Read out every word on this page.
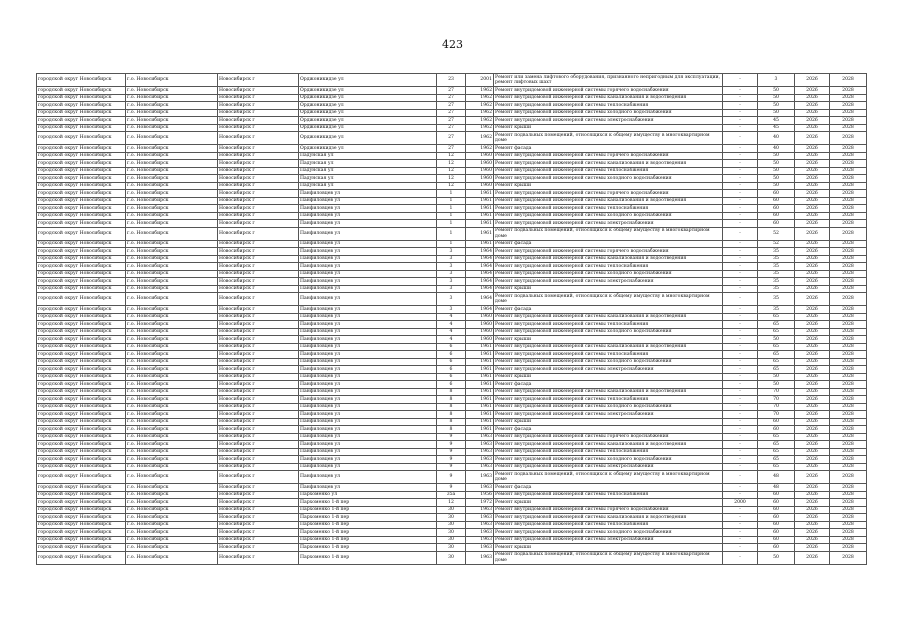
423
городской округ Новосибирск	г.о. Новосибирск	Новосибирск г	Орджоникидзе ул	23	2001	Ремонт или замена лифтового оборудования, признанного непригодным для эксплуатации, ремонт лифтовых шахт	-	3	2026	2028
городской округ Новосибирск	г.о. Новосибирск	Новосибирск г	Орджоникидзе ул	27	1962	Ремонт внутридомовой инженерной системы горячего водоснабжения	-	50	2026	2028
городской округ Новосибирск	г.о. Новосибирск	Новосибирск г	Орджоникидзе ул	27	1962	Ремонт внутридомовой инженерной системы канализования и водоотведения	-	50	2026	2028
городской округ Новосибирск	г.о. Новосибирск	Новосибирск г	Орджоникидзе ул	27	1962	Ремонт внутридомовой инженерной системы теплоснабжения	-	50	2026	2028
городской округ Новосибирск	г.о. Новосибирск	Новосибирск г	Орджоникидзе ул	27	1962	Ремонт внутридомовой инженерной системы холодного водоснабжения	-	50	2026	2028
городской округ Новосибирск	г.о. Новосибирск	Новосибирск г	Орджоникидзе ул	27	1962	Ремонт внутридомовой инженерной системы электроснабжения	-	45	2026	2028
городской округ Новосибирск	г.о. Новосибирск	Новосибирск г	Орджоникидзе ул	27	1962	Ремонт крыши	-	45	2026	2028
городской округ Новосибирск	г.о. Новосибирск	Новосибирск г	Орджоникидзе ул	27	1962	Ремонт подвальных помещений, относящихся к общему имуществу в многоквартирном доме	-	40	2026	2028
городской округ Новосибирск	г.о. Новосибирск	Новосибирск г	Орджоникидзе ул	27	1962	Ремонт фасада	-	40	2026	2028
городской округ Новосибирск	г.о. Новосибирск	Новосибирск г	Падунская ул	12	1960	Ремонт внутридомовой инженерной системы горячего водоснабжения	-	50	2026	2028
городской округ Новосибирск	г.о. Новосибирск	Новосибирск г	Падунская ул	12	1960	Ремонт внутридомовой инженерной системы канализования и водоотведения	-	50	2026	2028
городской округ Новосибирск	г.о. Новосибирск	Новосибирск г	Падунская ул	12	1960	Ремонт внутридомовой инженерной системы теплоснабжения	-	50	2026	2028
городской округ Новосибирск	г.о. Новосибирск	Новосибирск г	Падунская ул	12	1960	Ремонт внутридомовой инженерной системы холодного водоснабжения	-	50	2026	2028
городской округ Новосибирск	г.о. Новосибирск	Новосибирск г	Падунская ул	12	1960	Ремонт крыши	-	50	2026	2028
городской округ Новосибирск	г.о. Новосибирск	Новосибирск г	Панфиловцев ул	1	1961	Ремонт внутридомовой инженерной системы горячего водоснабжения	-	60	2026	2028
городской округ Новосибирск	г.о. Новосибирск	Новосибирск г	Панфиловцев ул	1	1961	Ремонт внутридомовой инженерной системы канализования и водоотведения	-	60	2026	2028
городской округ Новосибирск	г.о. Новосибирск	Новосибирск г	Панфиловцев ул	1	1961	Ремонт внутридомовой инженерной системы теплоснабжения	-	60	2026	2028
городской округ Новосибирск	г.о. Новосибирск	Новосибирск г	Панфиловцев ул	1	1961	Ремонт внутридомовой инженерной системы холодного водоснабжения	-	60	2026	2028
городской округ Новосибирск	г.о. Новосибирск	Новосибирск г	Панфиловцев ул	1	1961	Ремонт внутридомовой инженерной системы электроснабжения	-	60	2026	2028
городской округ Новосибирск	г.о. Новосибирск	Новосибирск г	Панфиловцев ул	1	1961	Ремонт подвальных помещений, относящихся к общему имуществу в многоквартирном доме	-	52	2026	2028
городской округ Новосибирск	г.о. Новосибирск	Новосибирск г	Панфиловцев ул	1	1961	Ремонт фасада	-	52	2026	2028
городской округ Новосибирск	г.о. Новосибирск	Новосибирск г	Панфиловцев ул	3	1964	Ремонт внутридомовой инженерной системы горячего водоснабжения	-	35	2026	2028
городской округ Новосибирск	г.о. Новосибирск	Новосибирск г	Панфиловцев ул	3	1964	Ремонт внутридомовой инженерной системы канализования и водоотведения	-	35	2026	2028
городской округ Новосибирск	г.о. Новосибирск	Новосибирск г	Панфиловцев ул	3	1964	Ремонт внутридомовой инженерной системы теплоснабжения	-	35	2026	2028
городской округ Новосибирск	г.о. Новосибирск	Новосибирск г	Панфиловцев ул	3	1964	Ремонт внутридомовой инженерной системы холодного водоснабжения	-	35	2026	2028
городской округ Новосибирск	г.о. Новосибирск	Новосибирск г	Панфиловцев ул	3	1964	Ремонт внутридомовой инженерной системы электроснабжения	-	35	2026	2028
городской округ Новосибирск	г.о. Новосибирск	Новосибирск г	Панфиловцев ул	3	1964	Ремонт крыши	-	35	2026	2028
городской округ Новосибирск	г.о. Новосибирск	Новосибирск г	Панфиловцев ул	3	1964	Ремонт подвальных помещений, относящихся к общему имуществу в многоквартирном доме	-	35	2026	2028
городской округ Новосибирск	г.о. Новосибирск	Новосибирск г	Панфиловцев ул	3	1964	Ремонт фасада	-	35	2026	2028
городской округ Новосибирск	г.о. Новосибирск	Новосибирск г	Панфиловцев ул	4	1960	Ремонт внутридомовой инженерной системы канализования и водоотведения	-	65	2026	2028
городской округ Новосибирск	г.о. Новосибирск	Новосибирск г	Панфиловцев ул	4	1960	Ремонт внутридомовой инженерной системы теплоснабжения	-	65	2026	2028
городской округ Новосибирск	г.о. Новосибирск	Новосибирск г	Панфиловцев ул	4	1960	Ремонт внутридомовой инженерной системы холодного водоснабжения	-	65	2026	2028
городской округ Новосибирск	г.о. Новосибирск	Новосибирск г	Панфиловцев ул	4	1960	Ремонт крыши	-	50	2026	2028
городской округ Новосибирск	г.о. Новосибирск	Новосибирск г	Панфиловцев ул	6	1961	Ремонт внутридомовой инженерной системы канализования и водоотведения	-	65	2026	2028
городской округ Новосибирск	г.о. Новосибирск	Новосибирск г	Панфиловцев ул	6	1961	Ремонт внутридомовой инженерной системы теплоснабжения	-	65	2026	2028
городской округ Новосибирск	г.о. Новосибирск	Новосибирск г	Панфиловцев ул	6	1961	Ремонт внутридомовой инженерной системы холодного водоснабжения	-	65	2026	2028
городской округ Новосибирск	г.о. Новосибирск	Новосибирск г	Панфиловцев ул	6	1961	Ремонт внутридомовой инженерной системы электроснабжения	-	65	2026	2028
городской округ Новосибирск	г.о. Новосибирск	Новосибирск г	Панфиловцев ул	6	1961	Ремонт крыши	-	50	2026	2028
городской округ Новосибирск	г.о. Новосибирск	Новосибирск г	Панфиловцев ул	6	1961	Ремонт фасада	-	50	2026	2028
городской округ Новосибирск	г.о. Новосибирск	Новосибирск г	Панфиловцев ул	8	1961	Ремонт внутридомовой инженерной системы канализования и водоотведения	-	70	2026	2028
городской округ Новосибирск	г.о. Новосибирск	Новосибирск г	Панфиловцев ул	8	1961	Ремонт внутридомовой инженерной системы теплоснабжения	-	70	2026	2028
городской округ Новосибирск	г.о. Новосибирск	Новосибирск г	Панфиловцев ул	8	1961	Ремонт внутридомовой инженерной системы холодного водоснабжения	-	70	2026	2028
городской округ Новосибирск	г.о. Новосибирск	Новосибирск г	Панфиловцев ул	8	1961	Ремонт внутридомовой инженерной системы электроснабжения	-	70	2026	2028
городской округ Новосибирск	г.о. Новосибирск	Новосибирск г	Панфиловцев ул	8	1961	Ремонт крыши	-	60	2026	2028
городской округ Новосибирск	г.о. Новосибирск	Новосибирск г	Панфиловцев ул	8	1961	Ремонт фасада	-	60	2026	2028
городской округ Новосибирск	г.о. Новосибирск	Новосибирск г	Панфиловцев ул	9	1963	Ремонт внутридомовой инженерной системы горячего водоснабжения	-	65	2026	2028
городской округ Новосибирск	г.о. Новосибирск	Новосибирск г	Панфиловцев ул	9	1963	Ремонт внутридомовой инженерной системы канализования и водоотведения	-	65	2026	2028
городской округ Новосибирск	г.о. Новосибирск	Новосибирск г	Панфиловцев ул	9	1963	Ремонт внутридомовой инженерной системы теплоснабжения	-	65	2026	2028
городской округ Новосибирск	г.о. Новосибирск	Новосибирск г	Панфиловцев ул	9	1963	Ремонт внутридомовой инженерной системы холодного водоснабжения	-	65	2026	2028
городской округ Новосибирск	г.о. Новосибирск	Новосибирск г	Панфиловцев ул	9	1963	Ремонт внутридомовой инженерной системы электроснабжения	-	65	2026	2028
городской округ Новосибирск	г.о. Новосибирск	Новосибирск г	Панфиловцев ул	9	1963	Ремонт подвальных помещений, относящихся к общему имуществу в многоквартирном доме	-	48	2026	2028
городской округ Новосибирск	г.о. Новосибирск	Новосибирск г	Панфиловцев ул	9	1963	Ремонт фасада	-	48	2026	2028
городской округ Новосибирск	г.о. Новосибирск	Новосибирск г	Пархоменко ул	35а	1956	Ремонт внутридомовой инженерной системы теплоснабжения	-	60	2026	2028
городской округ Новосибирск	г.о. Новосибирск	Новосибирск г	Пархоменко 1-й пер	12	1972	Ремонт крыши	2000	60	2026	2028
городской округ Новосибирск	г.о. Новосибирск	Новосибирск г	Пархоменко 1-й пер	30	1963	Ремонт внутридомовой инженерной системы горячего водоснабжения	-	60	2026	2028
городской округ Новосибирск	г.о. Новосибирск	Новосибирск г	Пархоменко 1-й пер	30	1963	Ремонт внутридомовой инженерной системы канализования и водоотведения	-	60	2026	2028
городской округ Новосибирск	г.о. Новосибирск	Новосибирск г	Пархоменко 1-й пер	30	1963	Ремонт внутридомовой инженерной системы теплоснабжения	-	60	2026	2028
городской округ Новосибирск	г.о. Новосибирск	Новосибирск г	Пархоменко 1-й пер	30	1963	Ремонт внутридомовой инженерной системы холодного водоснабжения	-	60	2026	2028
городской округ Новосибирск	г.о. Новосибирск	Новосибирск г	Пархоменко 1-й пер	30	1963	Ремонт внутридомовой инженерной системы электроснабжения	-	60	2026	2028
городской округ Новосибирск	г.о. Новосибирск	Новосибирск г	Пархоменко 1-й пер	30	1963	Ремонт крыши	-	60	2026	2028
городской округ Новосибирск	г.о. Новосибирск	Новосибирск г	Пархоменко 1-й пер	30	1963	Ремонт подвальных помещений, относящихся к общему имуществу в многоквартирном доме	-	50	2026	2028
